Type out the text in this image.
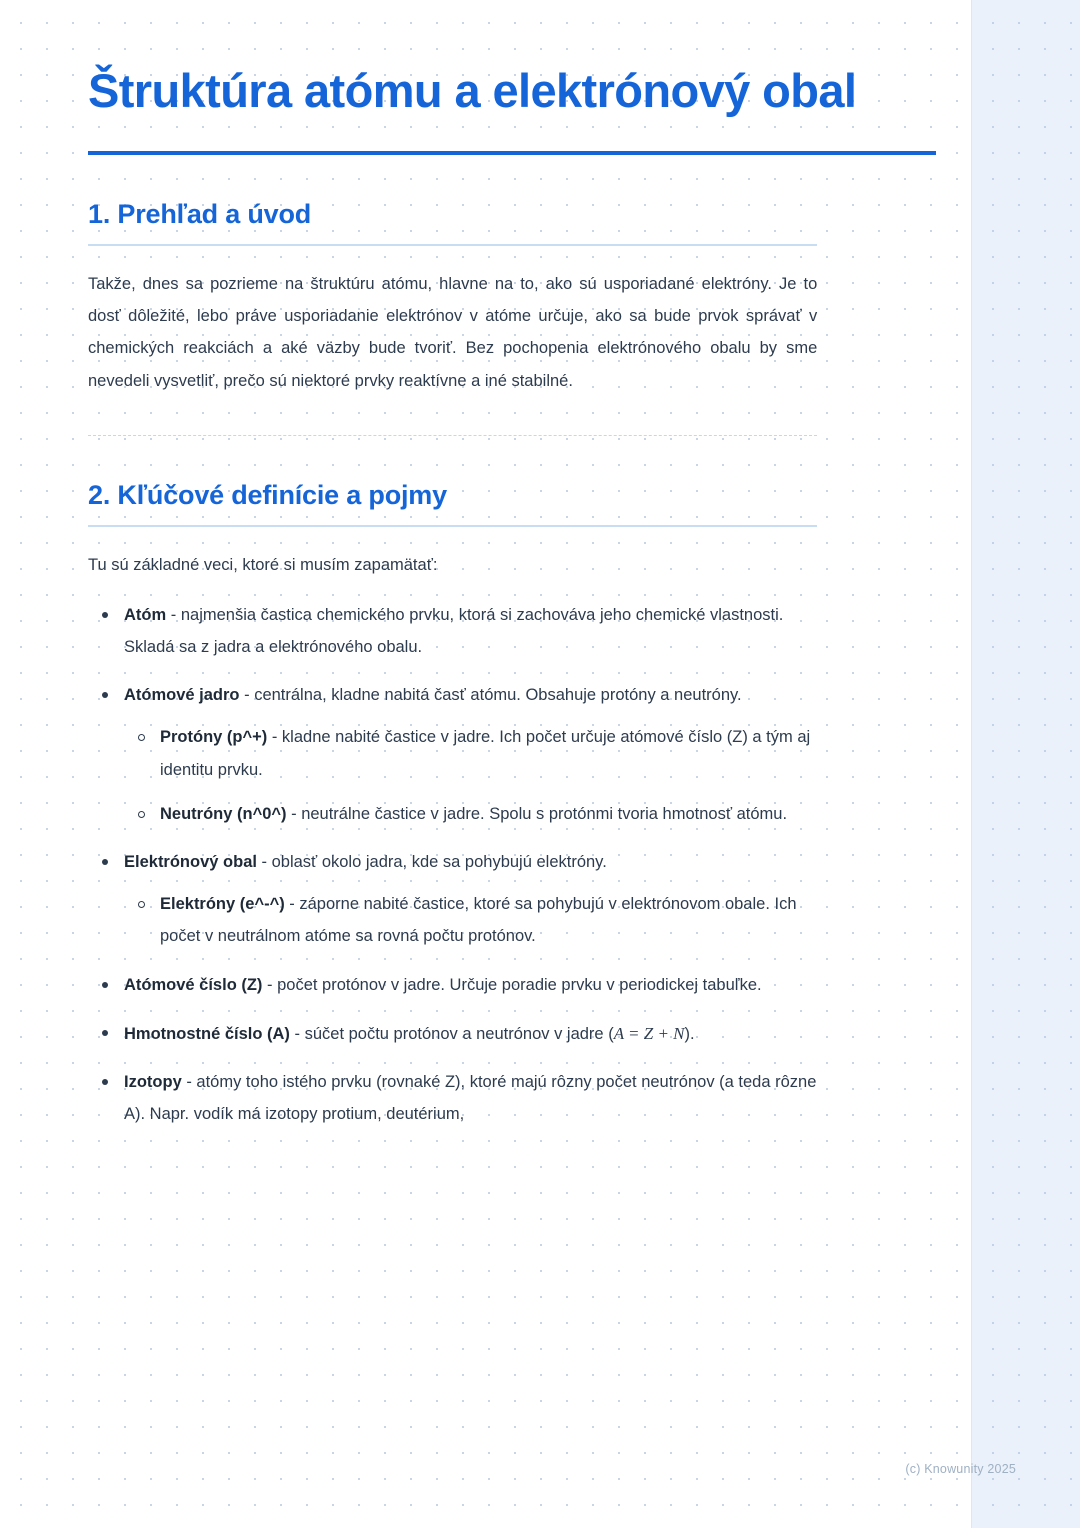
Štruktúra atómu a elektrónový obal
1. Prehľad a úvod

Takže, dnes sa pozrieme na štruktúru atómu, hlavne na to, ako sú usporiadané elektróny. Je to dosť dôležité, lebo práve usporiadanie elektrónov v atóme určuje, ako sa bude prvok správať v chemických reakciách a aké väzby bude tvoriť. Bez pochopenia elektrónového obalu by sme nevedeli vysvetliť, prečo sú niektoré prvky reaktívne a iné stabilné.

2. Kľúčové definície a pojmy

Tu sú základné veci, ktoré si musím zapamätať:

Atóm - najmenšia častica chemického prvku, ktorá si zachováva jeho chemické vlastnosti. Skladá sa z jadra a elektrónového obalu.
Atómové jadro - centrálna, kladne nabitá časť atómu. Obsahuje protóny a neutróny.
Protóny (p^+) - kladne nabité častice v jadre. Ich počet určuje atómové číslo (Z) a tým aj identitu prvku.
Neutróny (n^0^) - neutrálne častice v jadre. Spolu s protónmi tvoria hmotnosť atómu.
Elektrónový obal - oblasť okolo jadra, kde sa pohybujú elektróny.
Elektróny (e^-^) - záporne nabité častice, ktoré sa pohybujú v elektrónovom obale. Ich počet v neutrálnom atóme sa rovná počtu protónov.
Atómové číslo (Z) - počet protónov v jadre. Určuje poradie prvku v periodickej tabuľke.
Hmotnostné číslo (A) - súčet počtu protónov a neutrónov v jadre (A = Z + N).
Izotopy - atómy toho istého prvku (rovnaké Z), ktoré majú rôzny počet neutrónov (a teda rôzne A). Napr. vodík má izotopy protium, deutérium,
(c) Knowunity 2025
